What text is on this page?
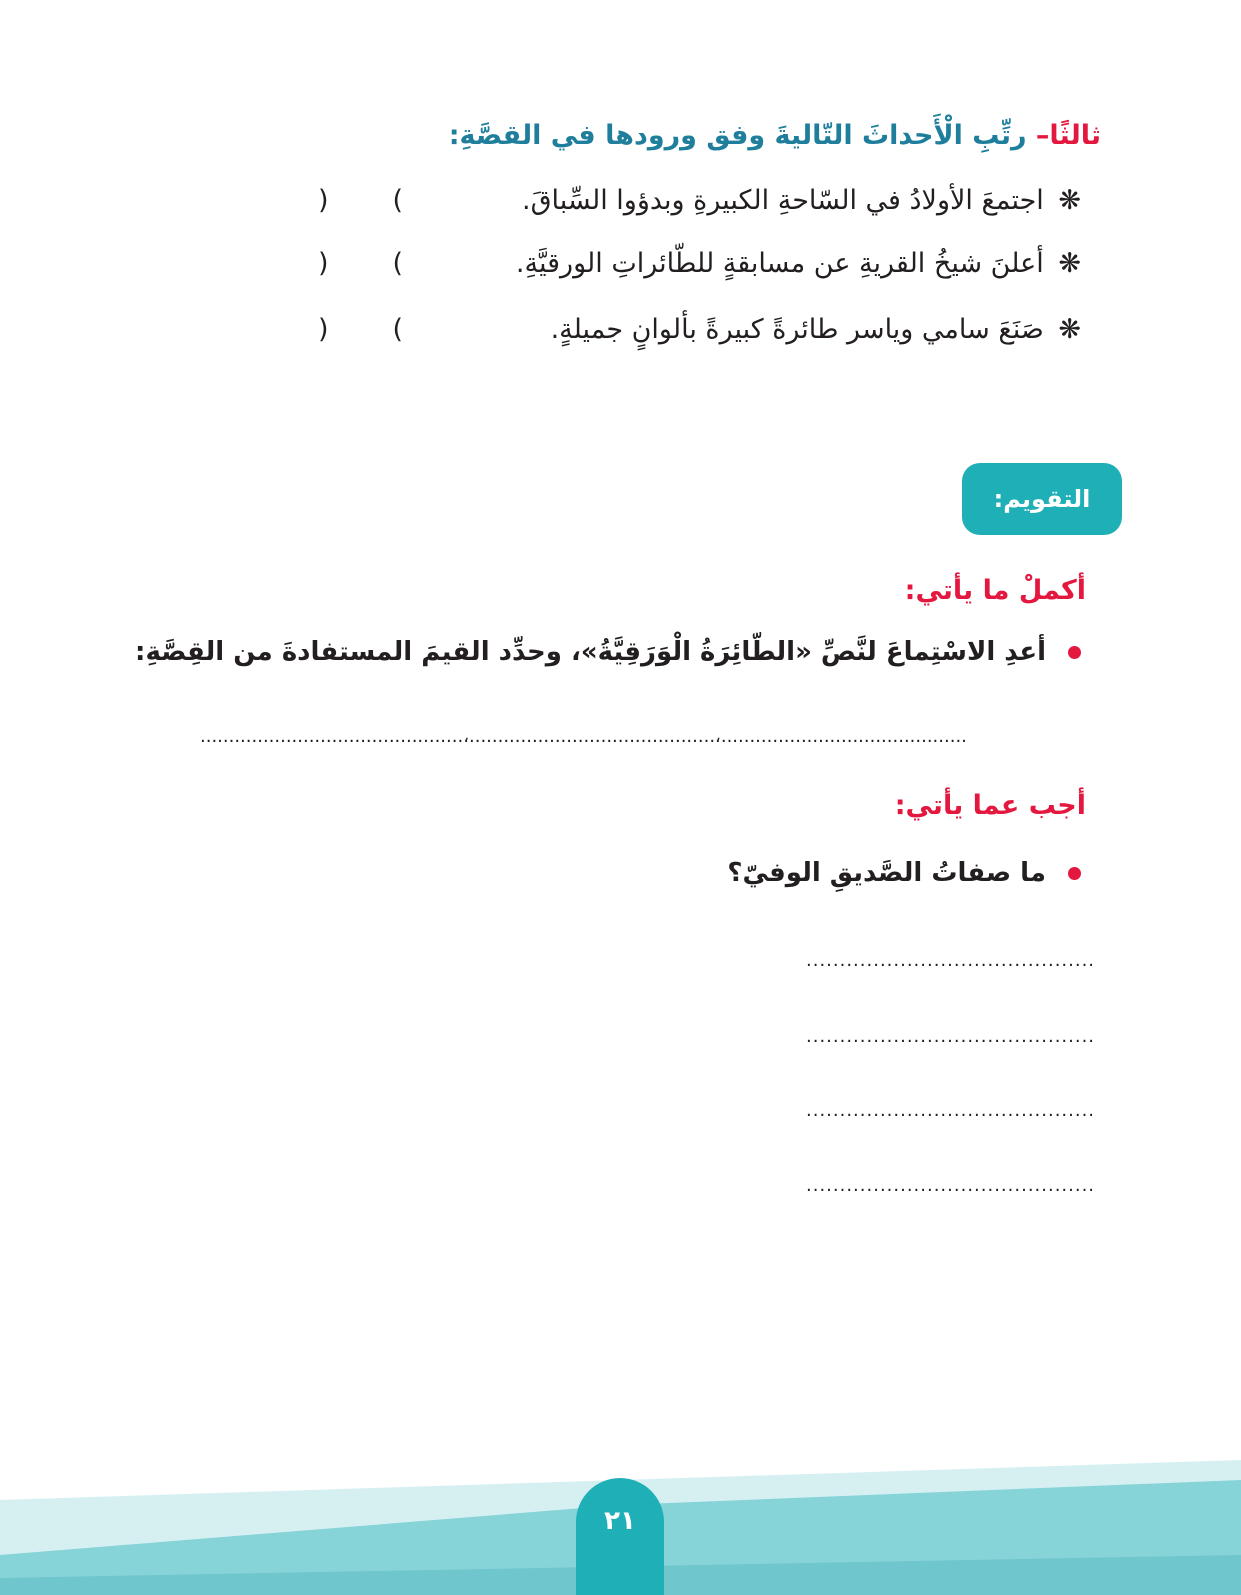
ثالثًا– رتِّبِ الْأَحداثَ التّاليةَ وفق ورودها في القصَّةِ:
❋ اجتمعَ الأولادُ في السّاحةِ الكبيرةِ وبدؤوا السِّباقَ.
) (
❋ أعلنَ شيخُ القريةِ عن مسابقةٍ للطّائراتِ الورقيَّةِ.
) (
❋ صَنَعَ سامي وياسر طائرةً كبيرةً بألوانٍ جميلةٍ.
) (
التقويم:
أكملْ ما يأتي:
أعدِ الاسْتِماعَ لنَّصِّ «الطّائِرَةُ الْوَرَقِيَّةُ»، وحدِّد القيمَ المستفادةَ من القِصَّةِ:
..............................................،...........................................،...........................................
أجب عما يأتي:
ما صفاتُ الصَّديقِ الوفيّ؟
...........................................
...........................................
...........................................
...........................................
٢١
